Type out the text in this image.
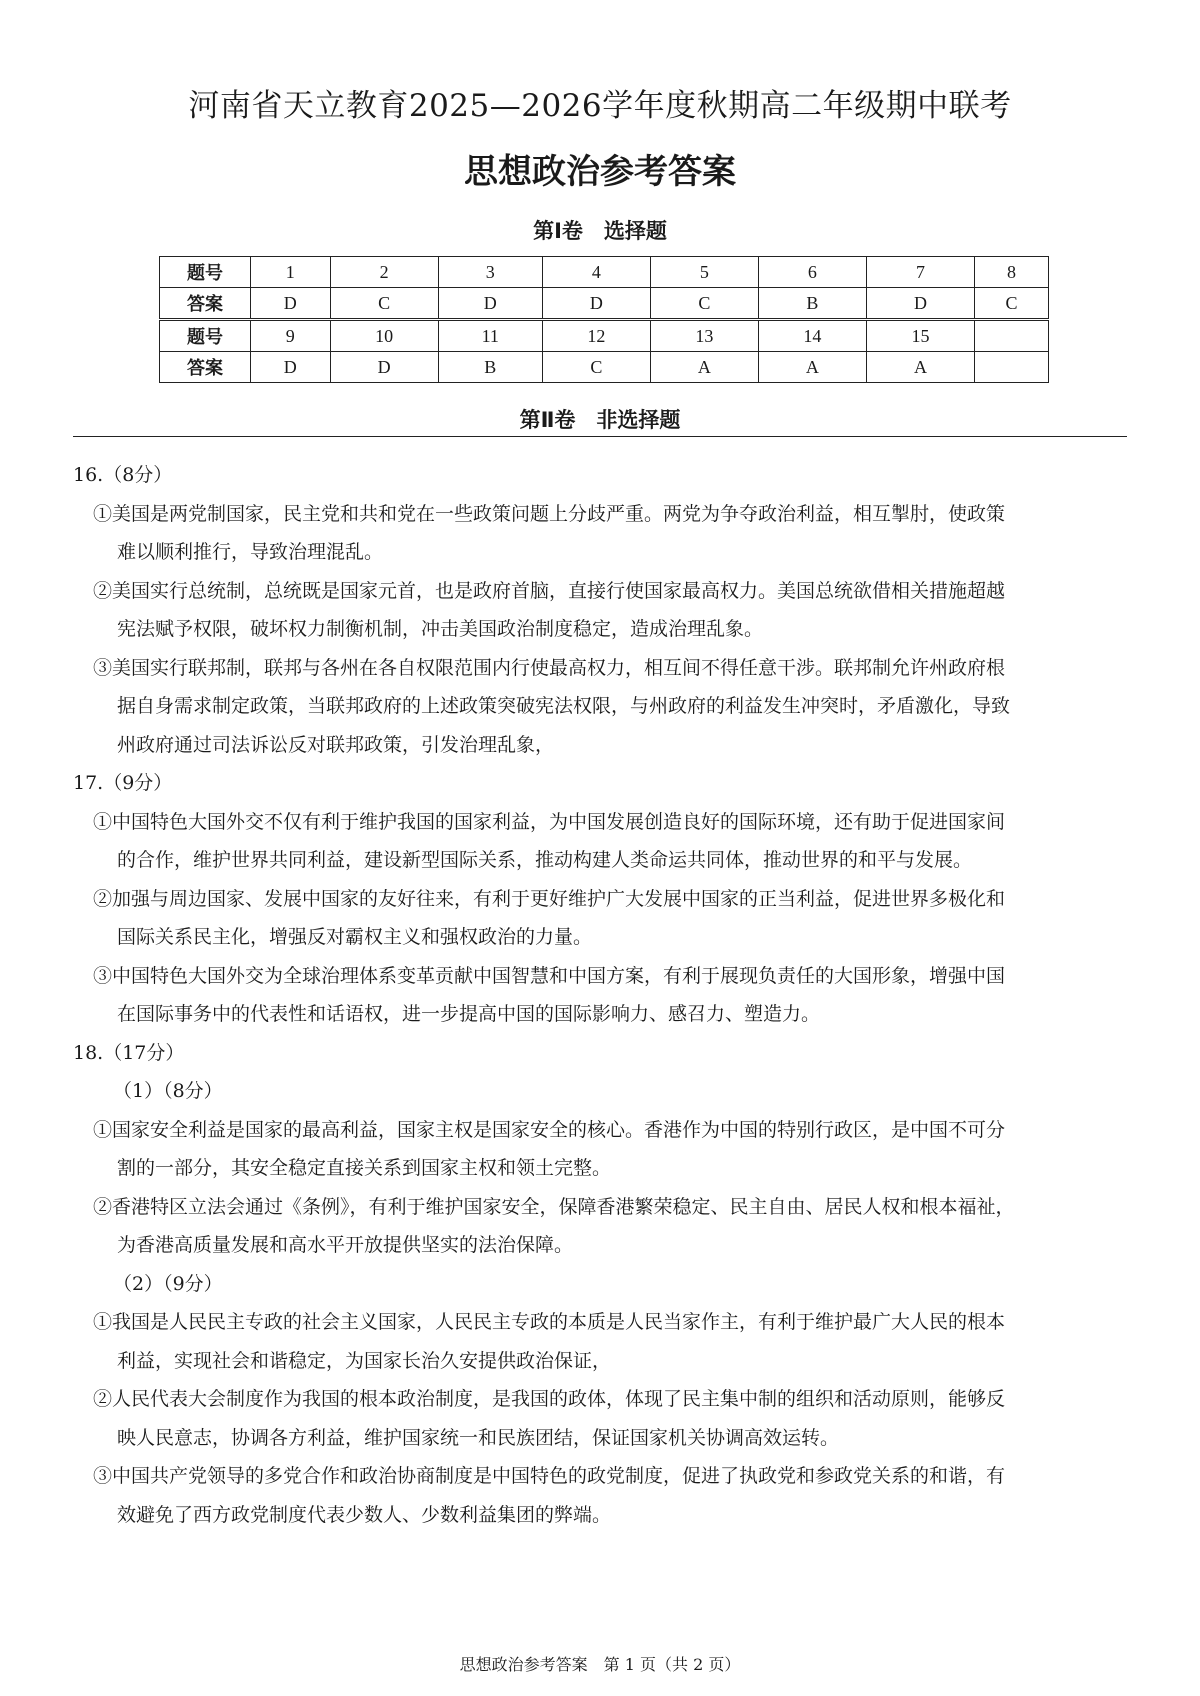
河南省天立教育2025—2026学年度秋期高二年级期中联考
思想政治参考答案
第Ⅰ卷　选择题
题号	1	2	3	4	5	6	7	8
答案	D	C	D	D	C	B	D	C
题号	9	10	11	12	13	14	15	
答案	D	D	B	C	A	A	A	
第Ⅱ卷　非选择题
16.（8分）
①美国是两党制国家，民主党和共和党在一些政策问题上分歧严重。两党为争夺政治利益，相互掣肘，使政策
难以顺利推行，导致治理混乱。
②美国实行总统制，总统既是国家元首，也是政府首脑，直接行使国家最高权力。美国总统欲借相关措施超越
宪法赋予权限，破坏权力制衡机制，冲击美国政治制度稳定，造成治理乱象。
③美国实行联邦制，联邦与各州在各自权限范围内行使最高权力，相互间不得任意干涉。联邦制允许州政府根
据自身需求制定政策，当联邦政府的上述政策突破宪法权限，与州政府的利益发生冲突时，矛盾激化，导致
州政府通过司法诉讼反对联邦政策，引发治理乱象，
17.（9分）
①中国特色大国外交不仅有利于维护我国的国家利益，为中国发展创造良好的国际环境，还有助于促进国家间
的合作，维护世界共同利益，建设新型国际关系，推动构建人类命运共同体，推动世界的和平与发展。
②加强与周边国家、发展中国家的友好往来，有利于更好维护广大发展中国家的正当利益，促进世界多极化和
国际关系民主化，增强反对霸权主义和强权政治的力量。
③中国特色大国外交为全球治理体系变革贡献中国智慧和中国方案，有利于展现负责任的大国形象，增强中国
在国际事务中的代表性和话语权，进一步提高中国的国际影响力、感召力、塑造力。
18.（17分）
（1）（8分）
①国家安全利益是国家的最高利益，国家主权是国家安全的核心。香港作为中国的特别行政区，是中国不可分
割的一部分，其安全稳定直接关系到国家主权和领土完整。
②香港特区立法会通过《条例》，有利于维护国家安全，保障香港繁荣稳定、民主自由、居民人权和根本福祉，
为香港高质量发展和高水平开放提供坚实的法治保障。
（2）（9分）
①我国是人民民主专政的社会主义国家，人民民主专政的本质是人民当家作主，有利于维护最广大人民的根本
利益，实现社会和谐稳定，为国家长治久安提供政治保证，
②人民代表大会制度作为我国的根本政治制度，是我国的政体，体现了民主集中制的组织和活动原则，能够反
映人民意志，协调各方利益，维护国家统一和民族团结，保证国家机关协调高效运转。
③中国共产党领导的多党合作和政治协商制度是中国特色的政党制度，促进了执政党和参政党关系的和谐，有
效避免了西方政党制度代表少数人、少数利益集团的弊端。
思想政治参考答案　第 1 页（共 2 页）
